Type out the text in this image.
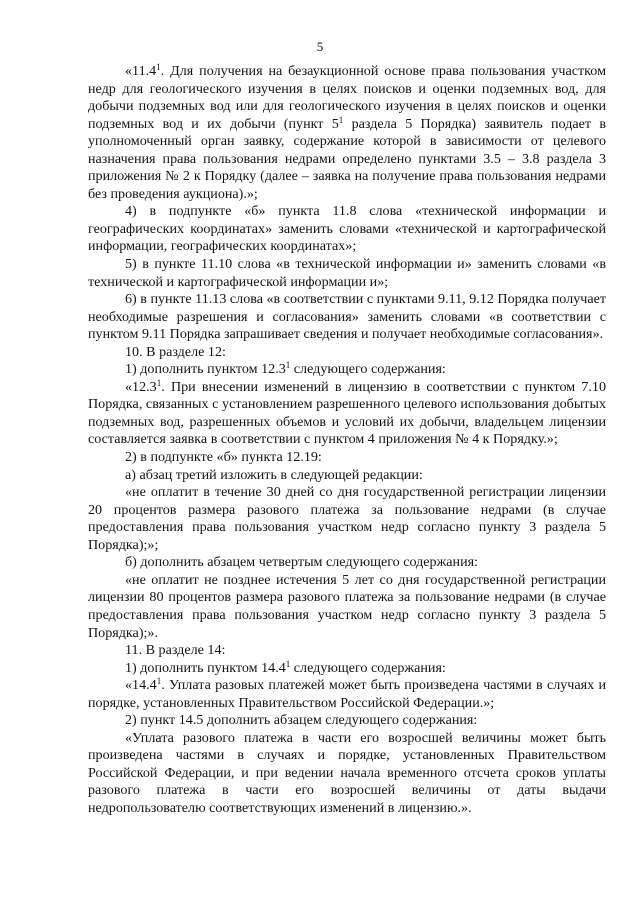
5

«11.4$^1$. Для получения на безаукционной основе права пользования участком недр для геологического изучения в целях поисков и оценки подземных вод, для добычи подземных вод или для геологического изучения в целях поисков и оценки подземных вод и их добычи (пункт $5^1$ раздела 5 Порядка) заявитель подает в уполномоченный орган заявку, содержание которой в зависимости от целевого назначения права пользования недрами определено пунктами 3.5 – 3.8 раздела 3 приложения № 2 к Порядку (далее – заявка на получение права пользования недрами без проведения аукциона).»;

4) в подпункте «б» пункта 11.8 слова «технической информации и географических координатах» заменить словами «технической и картографической информации, географических координатах»;

5) в пункте 11.10 слова «в технической информации и» заменить словами «в технической и картографической информации и»;

6) в пункте 11.13 слова «в соответствии с пунктами 9.11, 9.12 Порядка получает необходимые разрешения и согласования» заменить словами «в соответствии с пунктом 9.11 Порядка запрашивает сведения и получает необходимые согласования».

10. В разделе 12:

1) дополнить пунктом 12.3$^1$ следующего содержания:

«12.3$^1$. При внесении изменений в лицензию в соответствии с пунктом 7.10 Порядка, связанных с установлением разрешенного целевого использования добытых подземных вод, разрешенных объемов и условий их добычи, владельцем лицензии составляется заявка в соответствии с пунктом 4 приложения № 4 к Порядку.»;

2) в подпункте «б» пункта 12.19:

а) абзац третий изложить в следующей редакции:

«не оплатит в течение 30 дней со дня государственной регистрации лицензии 20 процентов размера разового платежа за пользование недрами (в случае предоставления права пользования участком недр согласно пункту 3 раздела 5 Порядка);»;

б) дополнить абзацем четвертым следующего содержания:

«не оплатит не позднее истечения 5 лет со дня государственной регистрации лицензии 80 процентов размера разового платежа за пользование недрами (в случае предоставления права пользования участком недр согласно пункту 3 раздела 5 Порядка);».

11. В разделе 14:

1) дополнить пунктом 14.4$^1$ следующего содержания:

«14.4$^1$. Уплата разовых платежей может быть произведена частями в случаях и порядке, установленных Правительством Российской Федерации.»;

2) пункт 14.5 дополнить абзацем следующего содержания:

«Уплата разового платежа в части его возросшей величины может быть произведена частями в случаях и порядке, установленных Правительством Российской Федерации, и при ведении начала временного отсчета сроков уплаты разового платежа в части его возросшей величины от даты выдачи недропользователю соответствующих изменений в лицензию.».
